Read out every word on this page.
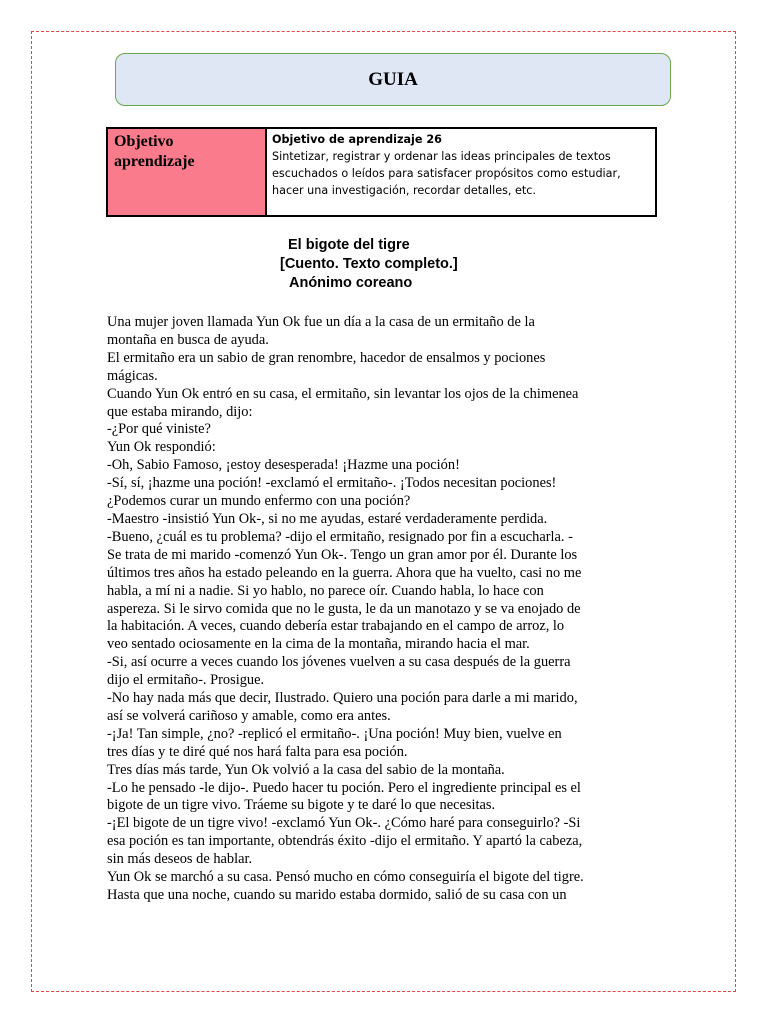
GUIA
Objetivo
aprendizaje
Objetivo de aprendizaje 26
Sintetizar, registrar y ordenar las ideas principales de textos
escuchados o leídos para satisfacer propósitos como estudiar,
hacer una investigación, recordar detalles, etc.
El bigote del tigre
[Cuento. Texto completo.]
Anónimo coreano
Una mujer joven llamada Yun Ok fue un día a la casa de un ermitaño de la
montaña en busca de ayuda.
El ermitaño era un sabio de gran renombre, hacedor de ensalmos y pociones
mágicas.
Cuando Yun Ok entró en su casa, el ermitaño, sin levantar los ojos de la chimenea
que estaba mirando, dijo:
-¿Por qué viniste?
Yun Ok respondió:
-Oh, Sabio Famoso, ¡estoy desesperada! ¡Hazme una poción!
-Sí, sí, ¡hazme una poción! -exclamó el ermitaño-. ¡Todos necesitan pociones!
¿Podemos curar un mundo enfermo con una poción?
-Maestro -insistió Yun Ok-, si no me ayudas, estaré verdaderamente perdida.
-Bueno, ¿cuál es tu problema? -dijo el ermitaño, resignado por fin a escucharla. -
Se trata de mi marido -comenzó Yun Ok-. Tengo un gran amor por él. Durante los
últimos tres años ha estado peleando en la guerra. Ahora que ha vuelto, casi no me
habla, a mí ni a nadie. Si yo hablo, no parece oír. Cuando habla, lo hace con
aspereza. Si le sirvo comida que no le gusta, le da un manotazo y se va enojado de
la habitación. A veces, cuando debería estar trabajando en el campo de arroz, lo
veo sentado ociosamente en la cima de la montaña, mirando hacia el mar.
-Si, así ocurre a veces cuando los jóvenes vuelven a su casa después de la guerra
dijo el ermitaño-. Prosigue.
-No hay nada más que decir, Ilustrado. Quiero una poción para darle a mi marido,
así se volverá cariñoso y amable, como era antes.
-¡Ja! Tan simple, ¿no? -replicó el ermitaño-. ¡Una poción! Muy bien, vuelve en
tres días y te diré qué nos hará falta para esa poción.
Tres días más tarde, Yun Ok volvió a la casa del sabio de la montaña.
-Lo he pensado -le dijo-. Puedo hacer tu poción. Pero el ingrediente principal es el
bigote de un tigre vivo. Tráeme su bigote y te daré lo que necesitas.
-¡El bigote de un tigre vivo! -exclamó Yun Ok-. ¿Cómo haré para conseguirlo? -Si
esa poción es tan importante, obtendrás éxito -dijo el ermitaño. Y apartó la cabeza,
sin más deseos de hablar.
Yun Ok se marchó a su casa. Pensó mucho en cómo conseguiría el bigote del tigre.
Hasta que una noche, cuando su marido estaba dormido, salió de su casa con un
